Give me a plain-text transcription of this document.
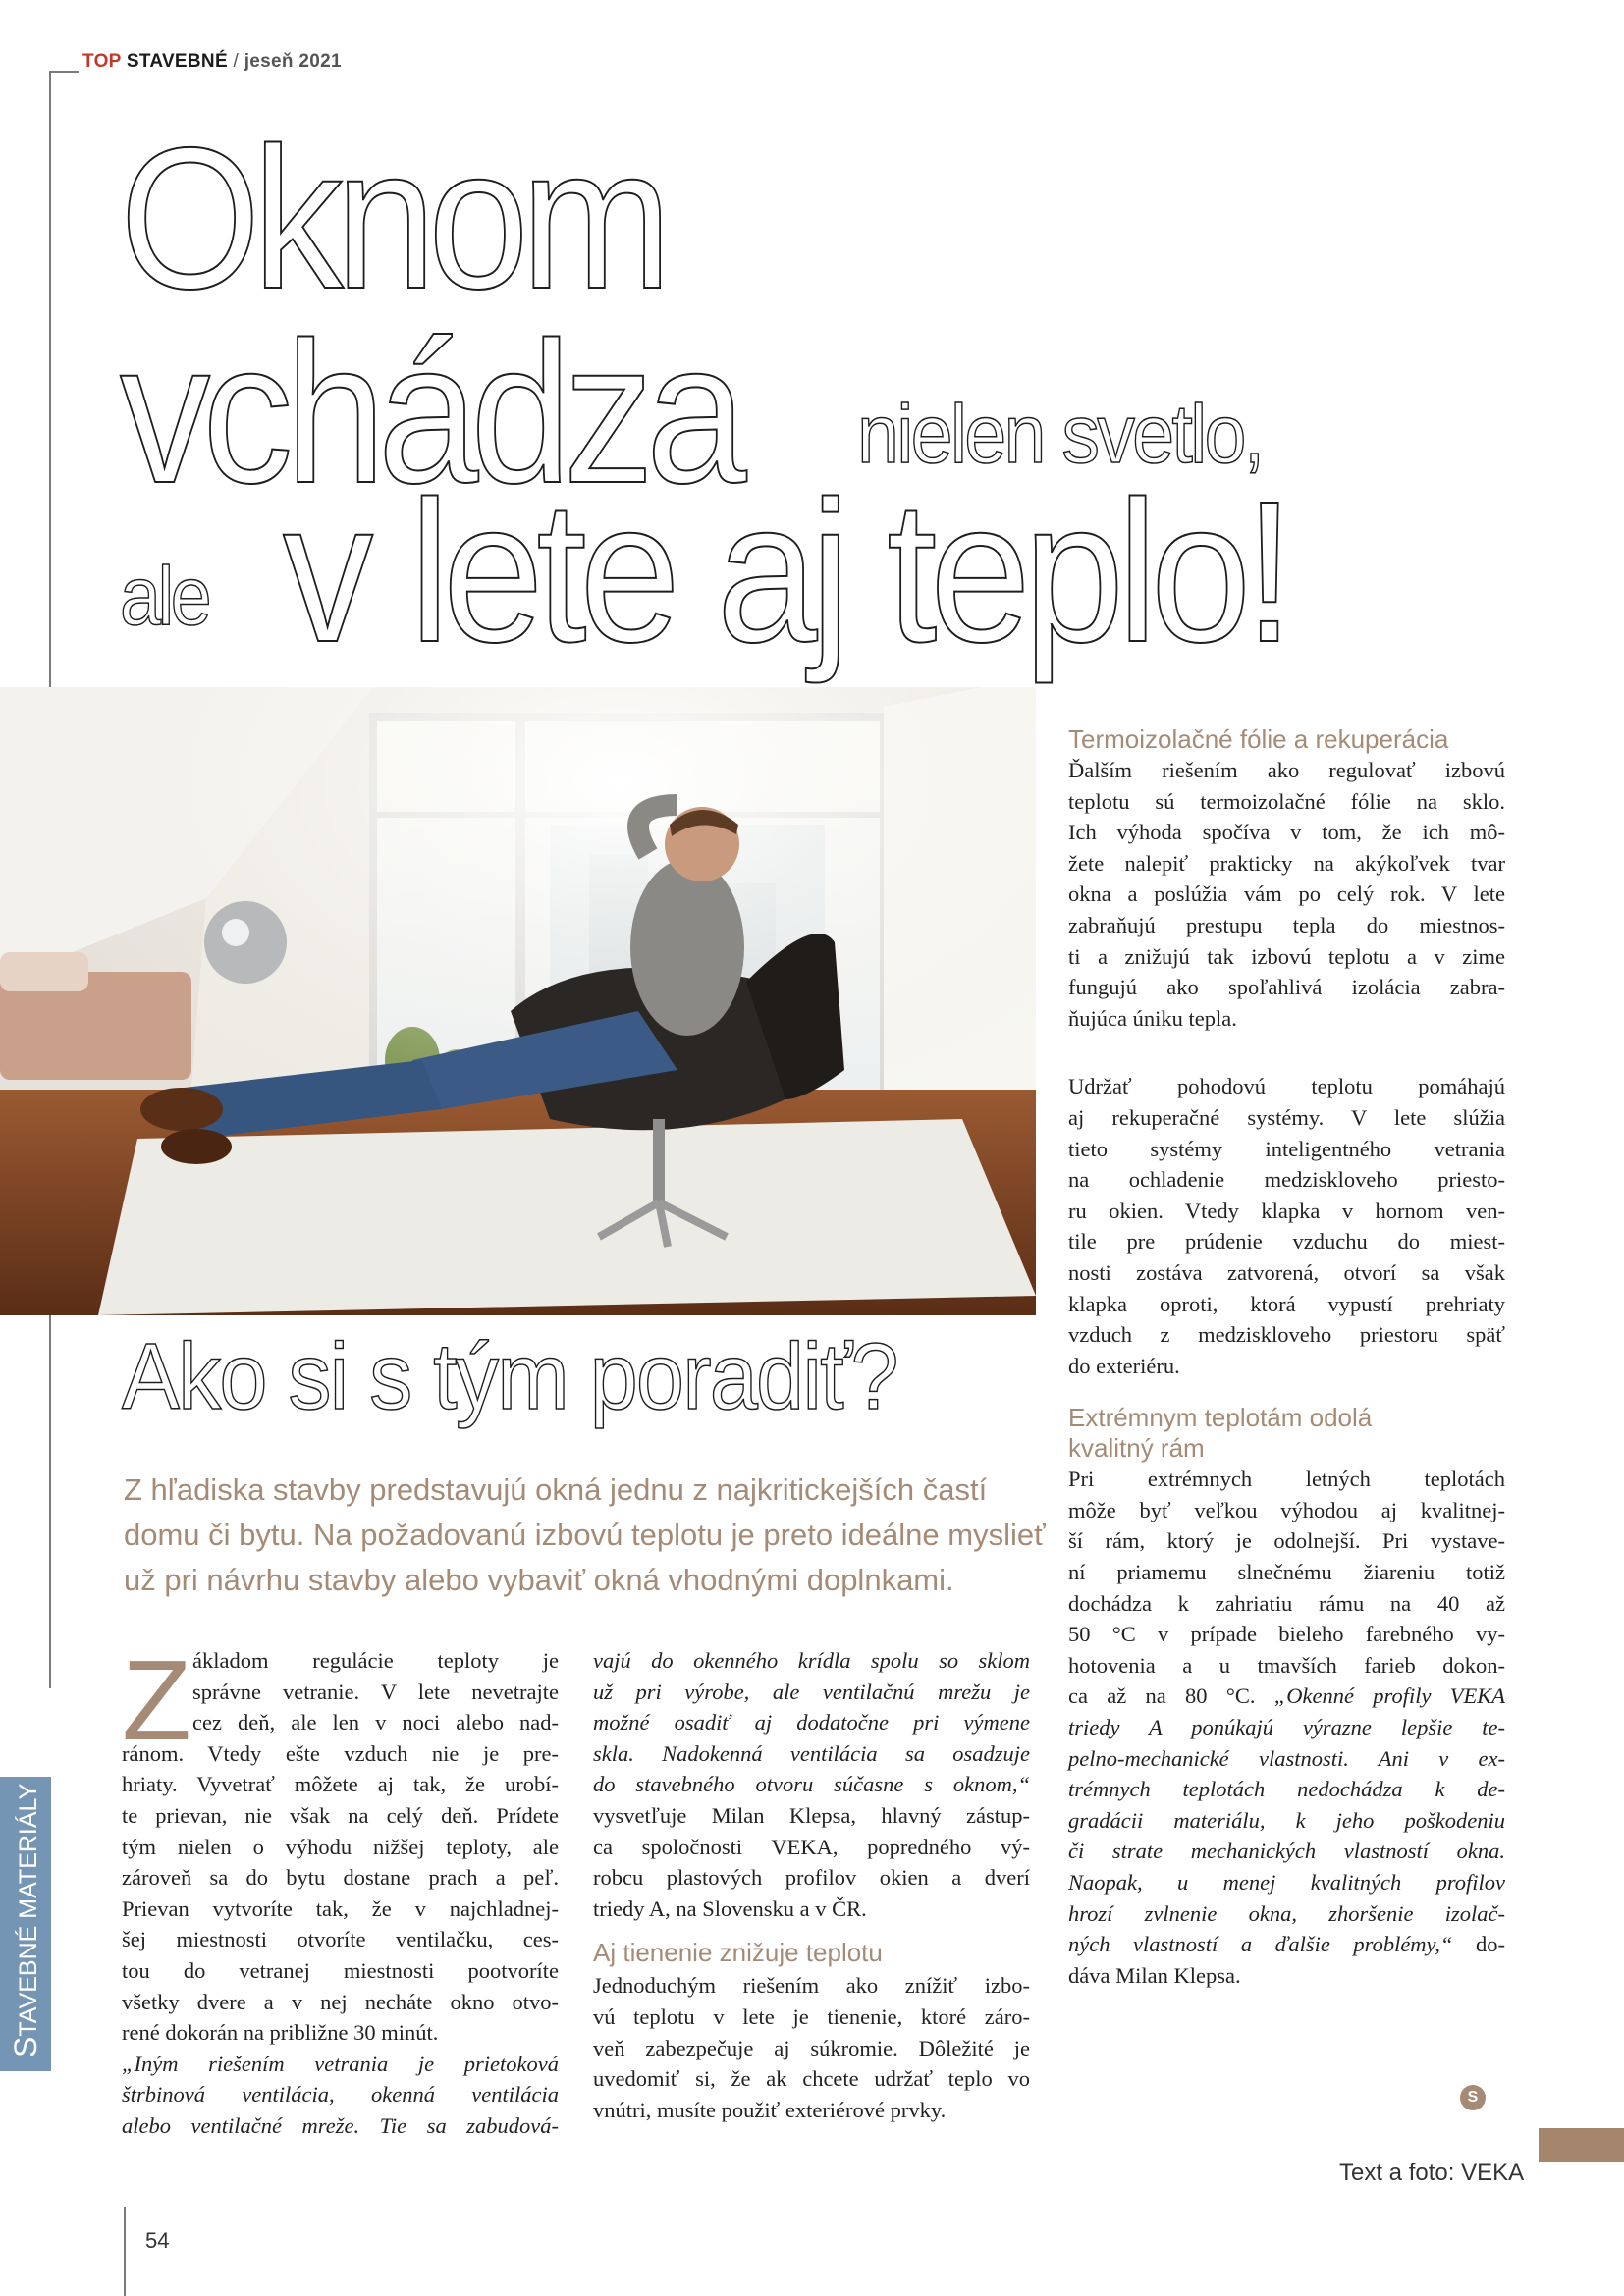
TOP STAVEBNÉ / jeseň 2021
Oknom
vchádza nielen svetlo,
ale v lete aj teplo!
Ako si s tým poradiť?
Z hľadiska stavby predstavujú okná jednu z najkritickejších častí
domu či bytu. Na požadovanú izbovú teplotu je preto ideálne myslieť
už pri návrhu stavby alebo vybaviť okná vhodnými doplnkami.
Z ákladom regulácie teploty je
správne vetranie. V lete nevetrajte
cez deň, ale len v noci alebo nad-
ránom. Vtedy ešte vzduch nie je pre-
hriaty. Vyvetrať môžete aj tak, že urobí-
te prievan, nie však na celý deň. Prídete
tým nielen o výhodu nižšej teploty, ale
zároveň sa do bytu dostane prach a peľ.
Prievan vytvoríte tak, že v najchladnej-
šej miestnosti otvoríte ventilačku, ces-
tou do vetranej miestnosti pootvoríte
všetky dvere a v nej necháte okno otvo-
rené dokorán na približne 30 minút.
„Iným riešením vetrania je prietoková
štrbinová ventilácia, okenná ventilácia
alebo ventilačné mreže. Tie sa zabudová-
vajú do okenného krídla spolu so sklom
už pri výrobe, ale ventilačnú mrežu je
možné osadiť aj dodatočne pri výmene
skla. Nadokenná ventilácia sa osadzuje
do stavebného otvoru súčasne s oknom,“
vysvetľuje Milan Klepsa, hlavný zástup-
ca spoločnosti VEKA, popredného vý-
robcu plastových profilov okien a dverí
triedy A, na Slovensku a v ČR.
Aj tienenie znižuje teplotu
Jednoduchým riešením ako znížiť izbo-
vú teplotu v lete je tienenie, ktoré záro-
veň zabezpečuje aj súkromie. Dôležité je
uvedomiť si, že ak chcete udržať teplo vo
vnútri, musíte použiť exteriérové prvky.
Termoizolačné fólie a rekuperácia
Ďalším riešením ako regulovať izbovú
teplotu sú termoizolačné fólie na sklo.
Ich výhoda spočíva v tom, že ich mô-
žete nalepiť prakticky na akýkoľvek tvar
okna a poslúžia vám po celý rok. V lete
zabraňujú prestupu tepla do miestnos-
ti a znižujú tak izbovú teplotu a v zime
fungujú ako spoľahlivá izolácia zabra-
ňujúca úniku tepla.
Udržať pohodovú teplotu pomáhajú
aj rekuperačné systémy. V lete slúžia
tieto systémy inteligentného vetrania
na ochladenie medziskloveho priesto-
ru okien. Vtedy klapka v hornom ven-
tile pre prúdenie vzduchu do miest-
nosti zostáva zatvorená, otvorí sa však
klapka oproti, ktorá vypustí prehriaty
vzduch z medziskloveho priestoru späť
do exteriéru.
Extrémnym teplotám odolá
kvalitný rám
Pri extrémnych letných teplotách
môže byť veľkou výhodou aj kvalitnej-
ší rám, ktorý je odolnejší. Pri vystave-
ní priamemu slnečnému žiareniu totiž
dochádza k zahriatiu rámu na 40 až
50 °C v prípade bieleho farebného vy-
hotovenia a u tmavších farieb dokon-
ca až na 80 °C. „Okenné profily VEKA
triedy A ponúkajú výrazne lepšie te-
pelno-mechanické vlastnosti. Ani v ex-
trémnych teplotách nedochádza k de-
gradácii materiálu, k jeho poškodeniu
či strate mechanických vlastností okna.
Naopak, u menej kvalitných profilov
hrozí zvlnenie okna, zhoršenie izolač-
ných vlastností a ďalšie problémy,“ do-
dáva Milan Klepsa.
S
STAVEBNÉ MATERIÁLY
Text a foto: VEKA
54
